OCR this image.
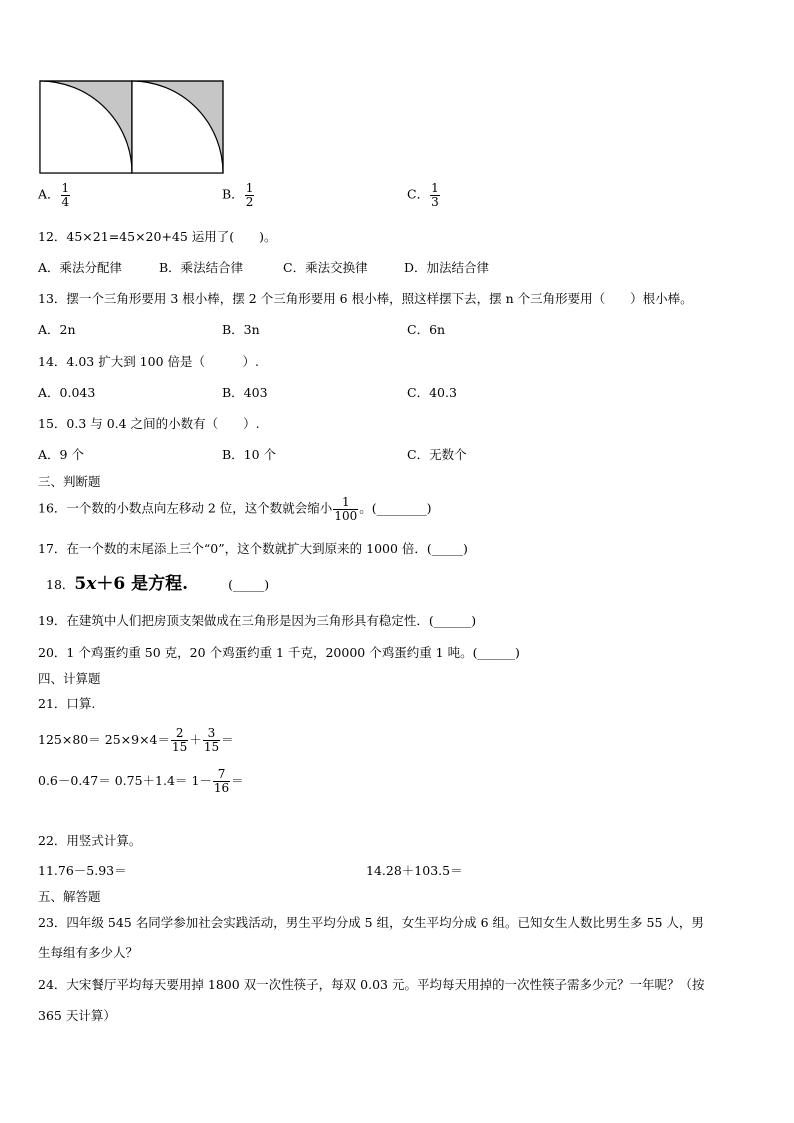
A． $\frac{1}{4}$	B． $\frac{1}{2}$	C． $\frac{1}{3}$
12．45×21=45×20+45 运用了(　　)。
A．乘法分配律	B．乘法结合律	C．乘法交换律	D．加法结合律
13．摆一个三角形要用 3 根小棒，摆 2 个三角形要用 6 根小棒，照这样摆下去，摆 n 个三角形要用（　　）根小棒。
A．2n	B．3n	C．6n
14．4.03 扩大到 100 倍是（　　　）.
A．0.043	B．403	C．40.3
15．0.3 与 0.4 之间的小数有（　　）.
A．9 个	B．10 个	C．无数个
三、判断题
16．一个数的小数点向左移动 2 位，这个数就会缩小 $\frac{1}{100}$ 。(________)
17．在一个数的末尾添上三个“0”，这个数就扩大到原来的 1000 倍．(_____)
18．5x＋6 是方程.	(_____)
19．在建筑中人们把房顶支架做成在三角形是因为三角形具有稳定性．(______)
20．1 个鸡蛋约重 50 克，20 个鸡蛋约重 1 千克，20000 个鸡蛋约重 1 吨。(______)
四、计算题
21．口算.
$125\times 80= 25\times 9\times 4= \frac{2}{15} + \frac{3}{15}$ ＝
$0.6-0.47= 0.75+1.4= 1- \frac{7}{16}$ ＝
22．用竖式计算。
11.76－5.93＝	14.28＋103.5＝
五、解答题
23．四年级 545 名同学参加社会实践活动，男生平均分成 5 组，女生平均分成 6 组。已知女生人数比男生多 55 人，男
生每组有多少人？
24．大宋餐厅平均每天要用掉 1800 双一次性筷子，每双 0.03 元。平均每天用掉的一次性筷子需多少元？一年呢？（按
365 天计算）
